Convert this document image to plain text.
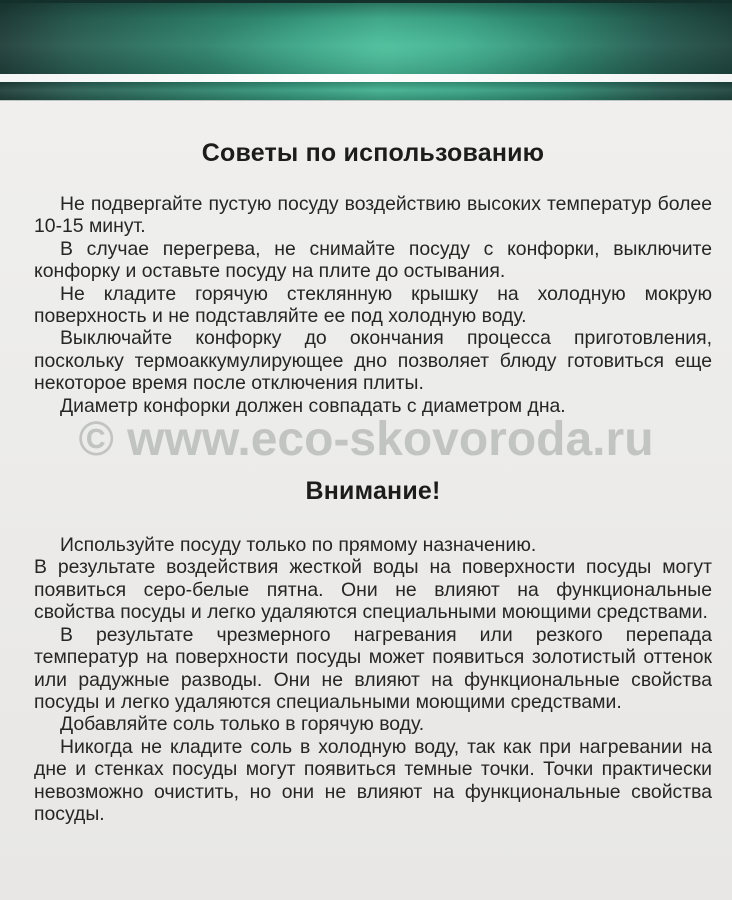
Советы по использованию

Не подвергайте пустую посуду воздействию высоких температур более 10-15 минут.

В случае перегрева, не снимайте посуду с конфорки, выключите конфорку и оставьте посуду на плите до остывания.

Не кладите горячую стеклянную крышку на холодную мокрую поверхность и не подставляйте ее под холодную воду.

Выключайте конфорку до окончания процесса приготовления, поскольку термоаккумулирующее дно позволяет блюду готовиться еще некоторое время после отключения плиты.

Диаметр конфорки должен совпадать с диаметром дна.

Внимание!

Используйте посуду только по прямому назначению.

В результате воздействия жесткой воды на поверхности посуды могут появиться серо-белые пятна. Они не влияют на функциональные свойства посуды и легко удаляются специальными моющими средствами.

В результате чрезмерного нагревания или резкого перепада температур на поверхности посуды может появиться золотистый оттенок или радужные разводы. Они не влияют на функциональные свойства посуды и легко удаляются специальными моющими средствами.

Добавляйте соль только в горячую воду.

Никогда не кладите соль в холодную воду, так как при нагревании на дне и стенках посуды могут появиться темные точки. Точки практически невозможно очистить, но они не влияют на функциональные свойства посуды.

© www.eco-skovoroda.ru
